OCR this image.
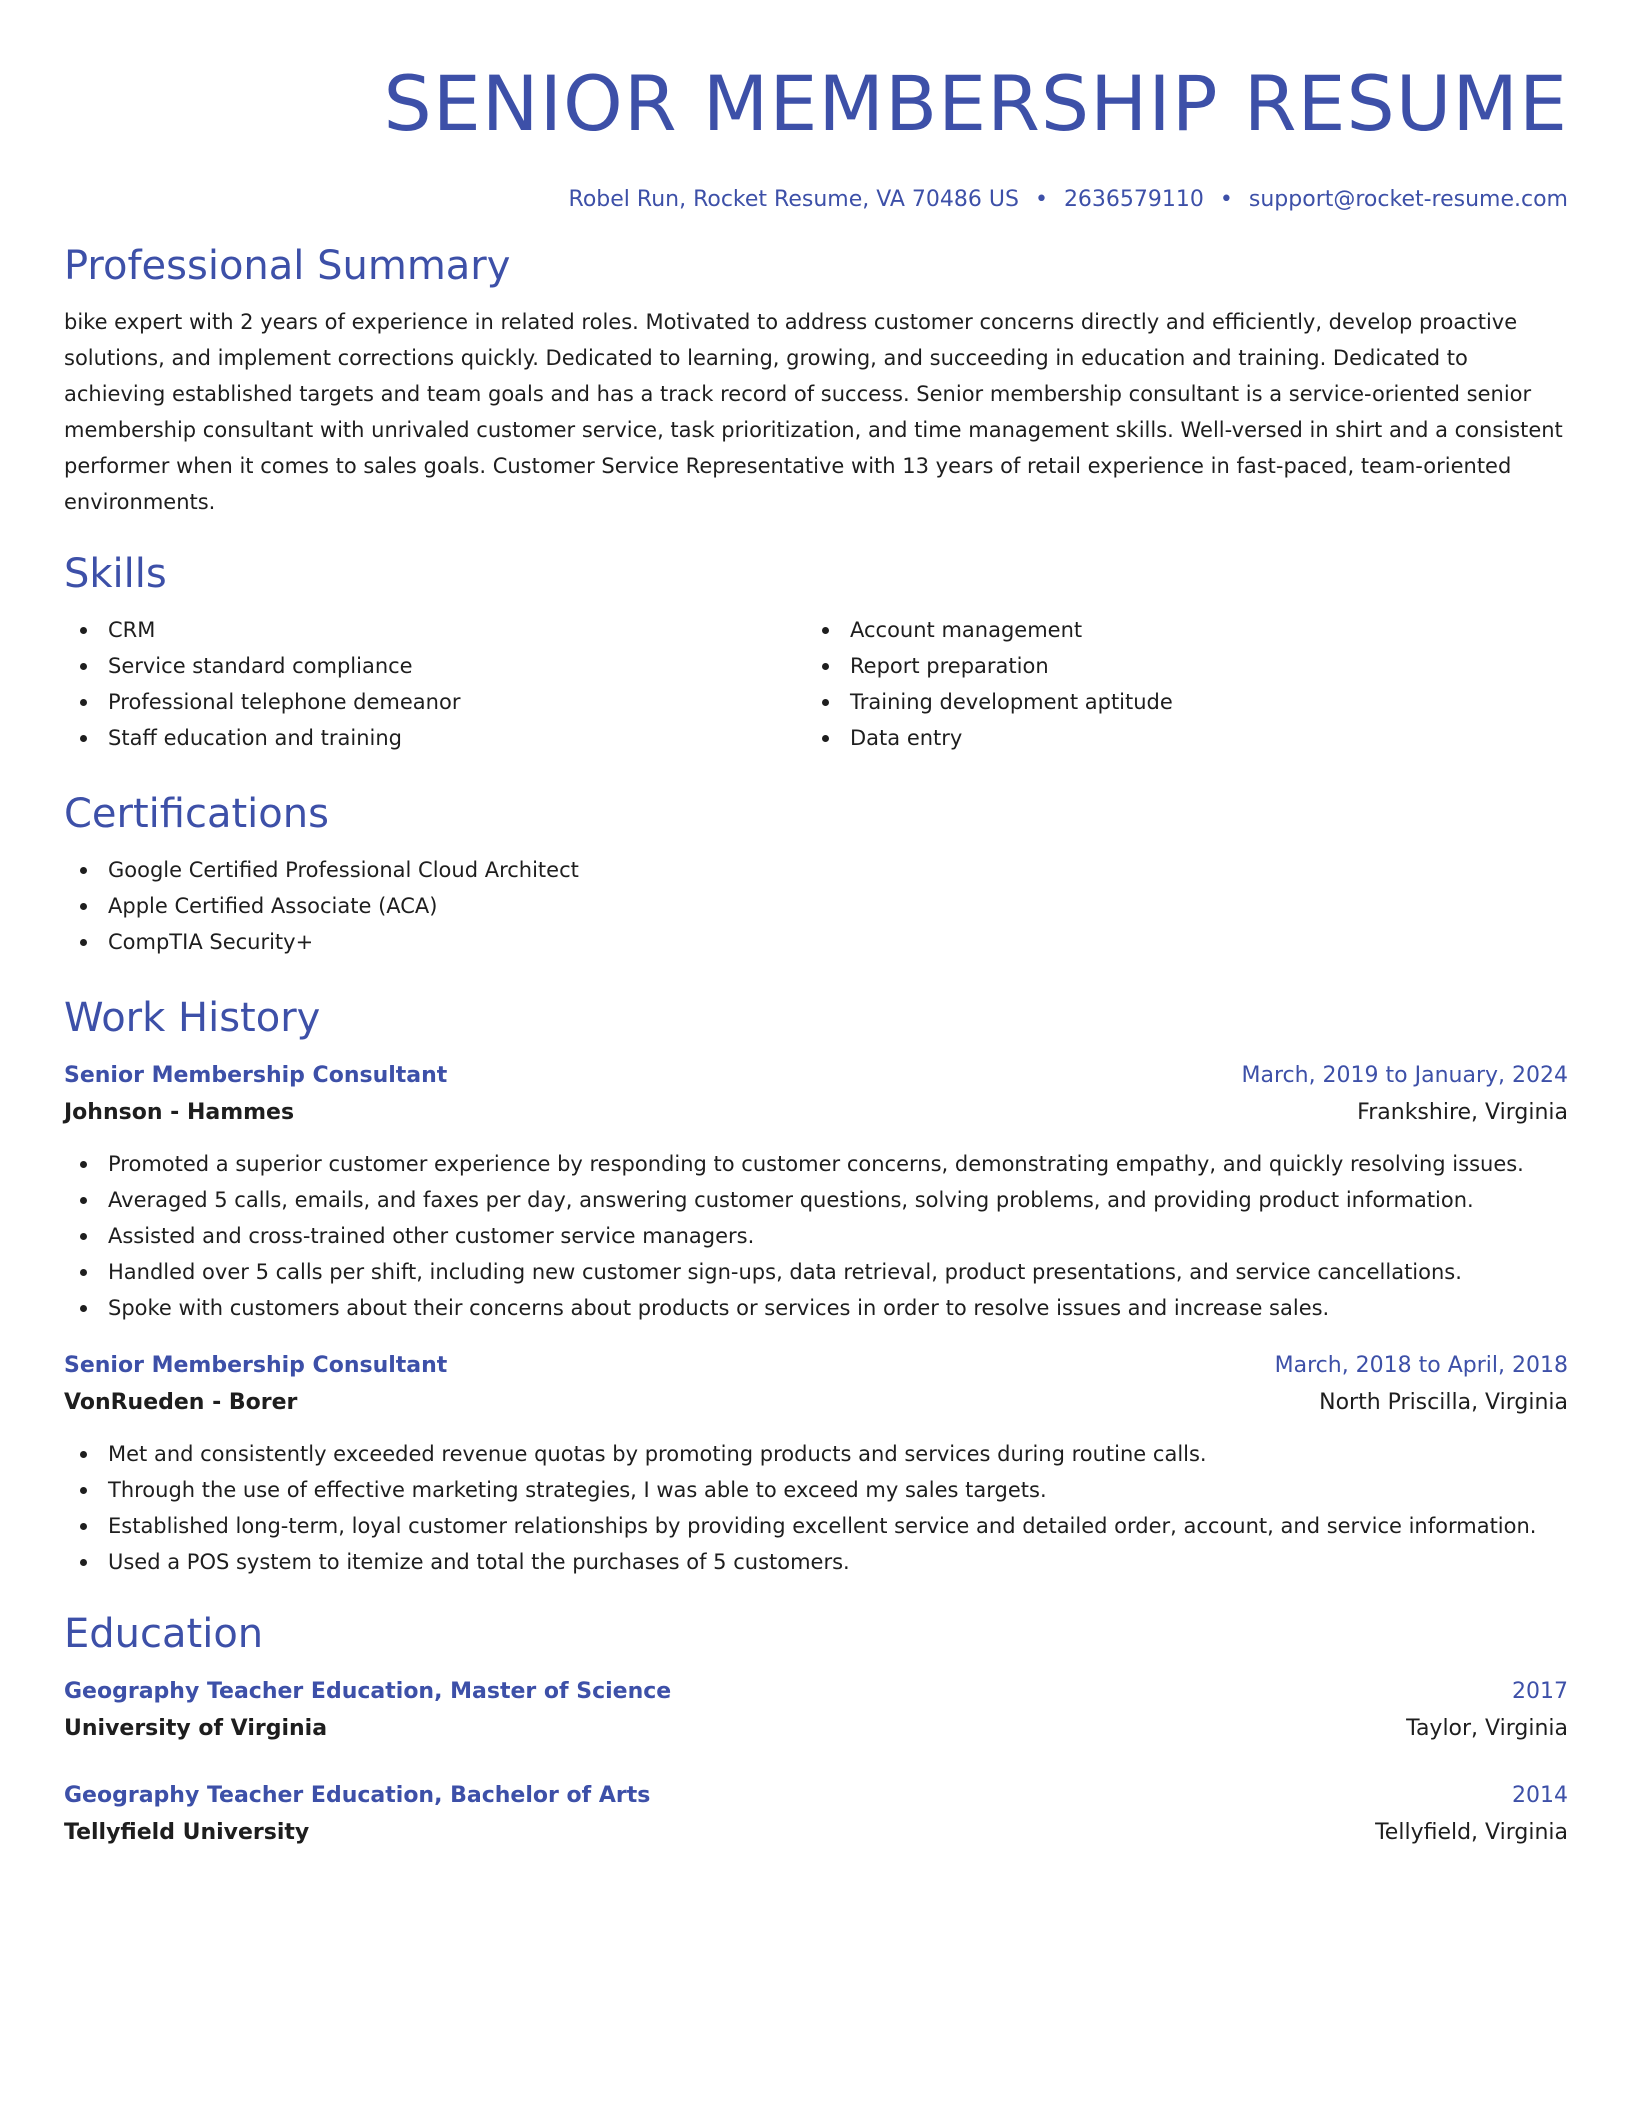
SENIOR MEMBERSHIP RESUME
Robel Run, Rocket Resume, VA 70486 US • 2636579110 • support@rocket-resume.com
Professional Summary

bike expert with 2 years of experience in related roles. Motivated to address customer concerns directly and efficiently, develop proactive solutions, and implement corrections quickly. Dedicated to learning, growing, and succeeding in education and training. Dedicated to achieving established targets and team goals and has a track record of success. Senior membership consultant is a service-oriented senior membership consultant with unrivaled customer service, task prioritization, and time management skills. Well-versed in shirt and a consistent performer when it comes to sales goals. Customer Service Representative with 13 years of retail experience in fast-paced, team-oriented environments.

Skills
CRM
Service standard compliance
Professional telephone demeanor
Staff education and training
Account management
Report preparation
Training development aptitude
Data entry
Certifications
Google Certified Professional Cloud Architect
Apple Certified Associate (ACA)
CompTIA Security+
Work History
Senior Membership Consultant	March, 2019 to January, 2024
Johnson - Hammes	Frankshire, Virginia
Promoted a superior customer experience by responding to customer concerns, demonstrating empathy, and quickly resolving issues.
Averaged 5 calls, emails, and faxes per day, answering customer questions, solving problems, and providing product information.
Assisted and cross-trained other customer service managers.
Handled over 5 calls per shift, including new customer sign-ups, data retrieval, product presentations, and service cancellations.
Spoke with customers about their concerns about products or services in order to resolve issues and increase sales.
Senior Membership Consultant	March, 2018 to April, 2018
VonRueden - Borer	North Priscilla, Virginia
Met and consistently exceeded revenue quotas by promoting products and services during routine calls.
Through the use of effective marketing strategies, I was able to exceed my sales targets.
Established long-term, loyal customer relationships by providing excellent service and detailed order, account, and service information.
Used a POS system to itemize and total the purchases of 5 customers.
Education
Geography Teacher Education, Master of Science	2017
University of Virginia	Taylor, Virginia
Geography Teacher Education, Bachelor of Arts	2014
Tellyfield University	Tellyfield, Virginia
